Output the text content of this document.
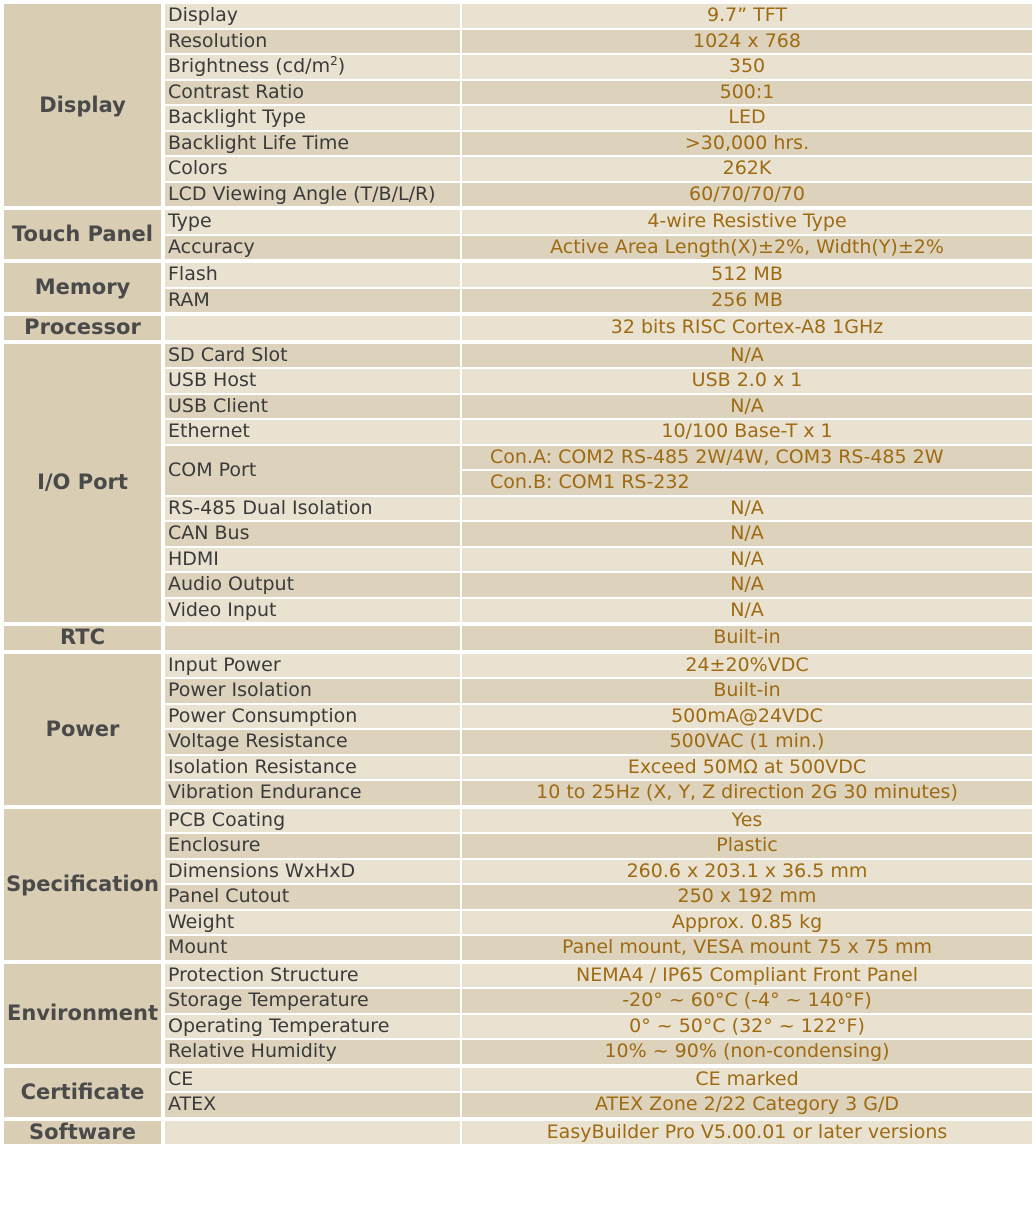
Display	Display	9.7” TFT
	Resolution	1024 x 768
	Brightness $(cd/m^2)$	350
	Contrast Ratio	500:1
	Backlight Type	LED
	Backlight Life Time	>30,000 hrs.
	Colors	262K
	LCD Viewing Angle (T/B/L/R)	60/70/70/70
Touch Panel	Type	4-wire Resistive Type
	Accuracy	Active Area Length(X)±2%, Width(Y)±2%
Memory	Flash	512 MB
	RAM	256 MB
Processor		32 bits RISC Cortex-A8 1GHz
I/O Port	SD Card Slot	N/A
	USB Host	USB 2.0 x 1
	USB Client	N/A
	Ethernet	10/100 Base-T x 1
	COM Port	Con.A: COM2 RS-485 2W/4W, COM3 RS-485 2W
		Con.B: COM1 RS-232
	RS-485 Dual Isolation	N/A
	CAN Bus	N/A
	HDMI	N/A
	Audio Output	N/A
	Video Input	N/A
RTC		Built-in
Power	Input Power	24±20%VDC
	Power Isolation	Built-in
	Power Consumption	500mA@24VDC
	Voltage Resistance	500VAC (1 min.)
	Isolation Resistance	Exceed 50MΩ at 500VDC
	Vibration Endurance	10 to 25Hz (X, Y, Z direction 2G 30 minutes)
Specification	PCB Coating	Yes
	Enclosure	Plastic
	Dimensions WxHxD	260.6 x 203.1 x 36.5 mm
	Panel Cutout	250 x 192 mm
	Weight	Approx. 0.85 kg
	Mount	Panel mount, VESA mount 75 x 75 mm
Environment	Protection Structure	NEMA4 / IP65 Compliant Front Panel
	Storage Temperature	-20° ~ 60°C (-4° ~ 140°F)
	Operating Temperature	0° ~ 50°C (32° ~ 122°F)
	Relative Humidity	10% ~ 90% (non-condensing)
Certificate	CE	CE marked
	ATEX	ATEX Zone 2/22 Category 3 G/D
Software		EasyBuilder Pro V5.00.01 or later versions
